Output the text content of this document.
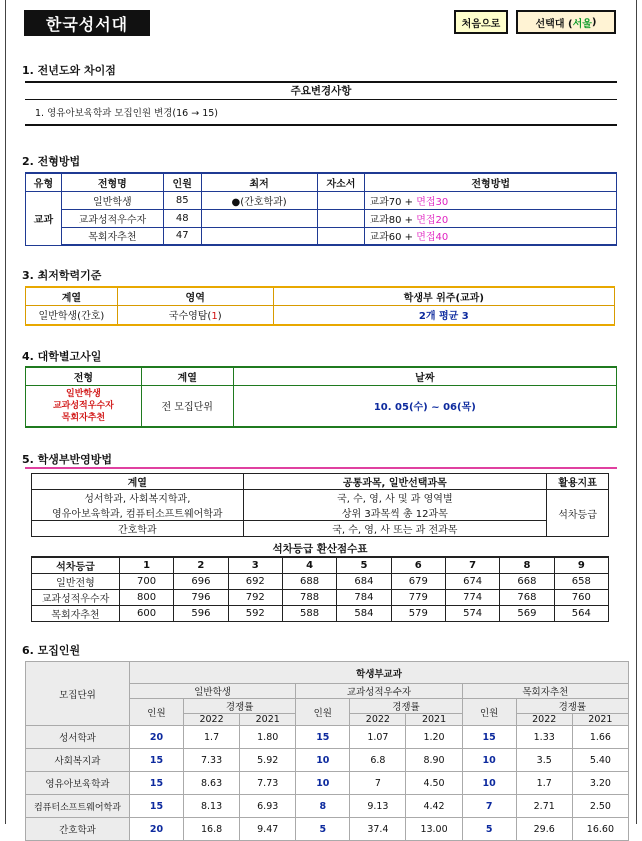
한국성서대	처음으로	선택대 ( 서울 )
1. 전년도와 차이점
주요변경사항
1. 영유아보육학과 모집인원 변경(16 → 15)
2. 전형방법
유형	전형명	인원	최저	자소서	전형방법
교과	일반학생	85	●(간호학과)		교과70 + 면접30
	교과성적우수자	48			교과80 + 면접20
	목회자추천	47			교과60 + 면접40
3. 최저학력기준
계열	영역	학생부 위주(교과)
일반학생(간호)	국수영탐(1)	2개 평균 3
4. 대학별고사일
전형	계열	날짜

일반학생
교과성적우수자
목회자추천	전 모집단위	10. 05(수) ~ 06(목)
5. 학생부반영방법
계열	공통과목, 일반선택과목	활용지표
성서학과, 사회복지학과,	국, 수, 영, 사 및 과 영역별	석차등급
영유아보육학과, 컴퓨터소프트웨어학과	상위 3과목씩 총 12과목	
간호학과	국, 수, 영, 사 또는 과 전과목	
석차등급 환산점수표
석차등급	1	2	3	4	5	6	7	8	9
일반전형	700	696	692	688	684	679	674	668	658
교과성적우수자	800	796	792	788	784	779	774	768	760
목회자추천	600	596	592	588	584	579	574	569	564
6. 모집인원
모집단위	학생부교과								
	일반학생			교과성적우수자			목회자추천		
	인원	경쟁률		인원	경쟁률		인원	경쟁률	
		2022	2021		2022	2021		2022	2021
성서학과	20	1.7	1.80	15	1.07	1.20	15	1.33	1.66
사회복지과	15	7.33	5.92	10	6.8	8.90	10	3.5	5.40
영유아보육학과	15	8.63	7.73	10	7	4.50	10	1.7	3.20
컴퓨터소프트웨어학과	15	8.13	6.93	8	9.13	4.42	7	2.71	2.50
간호학과	20	16.8	9.47	5	37.4	13.00	5	29.6	16.60
